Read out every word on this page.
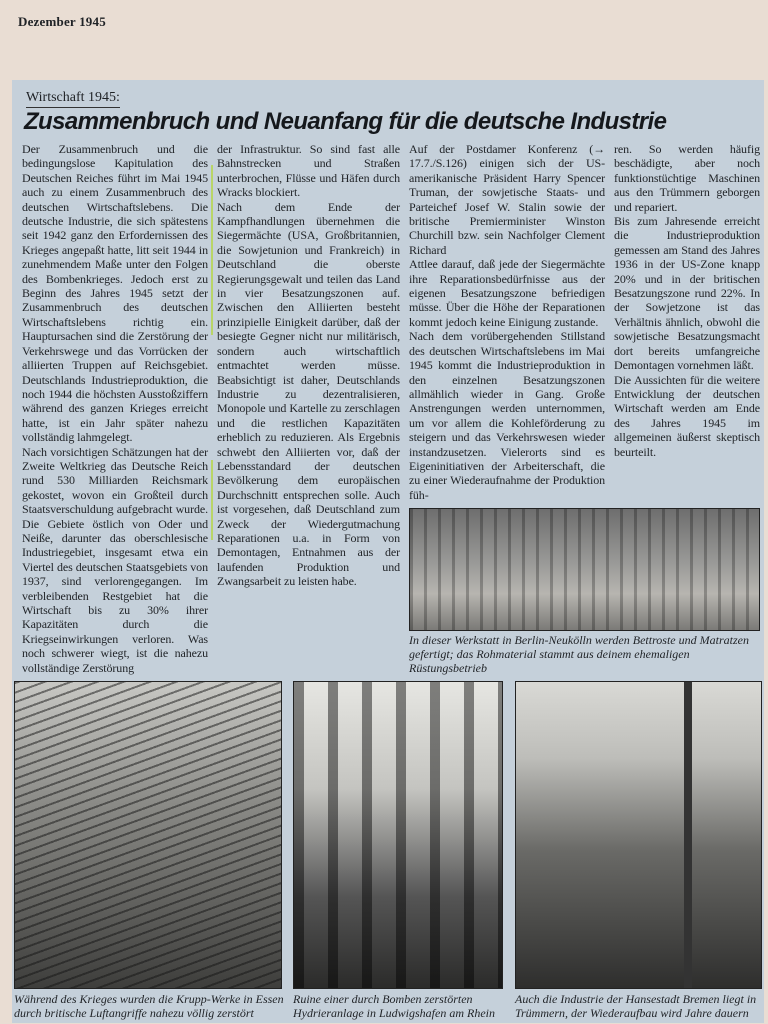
Dezember 1945
Wirtschaft 1945:
Zusammenbruch und Neuanfang für die deutsche Industrie

Der Zusammenbruch und die bedingungslose Kapitulation des Deutschen Reiches führt im Mai 1945 auch zu einem Zusammenbruch des deutschen Wirtschaftslebens. Die deutsche Industrie, die sich spätestens seit 1942 ganz den Erfordernissen des Krieges angepaßt hatte, litt seit 1944 in zunehmendem Maße unter den Folgen des Bombenkrieges. Jedoch erst zu Beginn des Jahres 1945 setzt der Zusammenbruch des deutschen Wirtschaftslebens richtig ein. Hauptursachen sind die Zerstörung der Verkehrswege und das Vorrücken der alliierten Truppen auf Reichsgebiet. Deutschlands Industrieproduktion, die noch 1944 die höchsten Ausstoßziffern während des ganzen Krieges erreicht hatte, ist ein Jahr später nahezu vollständig lahmgelegt.

Nach vorsichtigen Schätzungen hat der Zweite Weltkrieg das Deutsche Reich rund 530 Milliarden Reichsmark gekostet, wovon ein Großteil durch Staatsverschuldung aufgebracht wurde. Die Gebiete östlich von Oder und Neiße, darunter das oberschlesische Industriegebiet, insgesamt etwa ein Viertel des deutschen Staatsgebiets von 1937, sind verlorengegangen. Im verbleibenden Restgebiet hat die Wirtschaft bis zu 30% ihrer Kapazitäten durch die Kriegseinwirkungen verloren. Was noch schwerer wiegt, ist die nahezu vollständige Zerstörung

der Infrastruktur. So sind fast alle Bahnstrecken und Straßen unterbrochen, Flüsse und Häfen durch Wracks blockiert.

Nach dem Ende der Kampfhandlungen übernehmen die Siegermächte (USA, Großbritannien, die Sowjetunion und Frankreich) in Deutschland die oberste Regierungsgewalt und teilen das Land in vier Besatzungszonen auf. Zwischen den Alliierten besteht prinzipielle Einigkeit darüber, daß der besiegte Gegner nicht nur militärisch, sondern auch wirtschaftlich entmachtet werden müsse. Beabsichtigt ist daher, Deutschlands Industrie zu dezentralisieren, Monopole und Kartelle zu zerschlagen und die restlichen Kapazitäten erheblich zu reduzieren. Als Ergebnis schwebt den Alliierten vor, daß der Lebensstandard der deutschen Bevölkerung dem europäischen Durchschnitt entsprechen solle. Auch ist vorgesehen, daß Deutschland zum Zweck der Wiedergutmachung Reparationen u.a. in Form von Demontagen, Entnahmen aus der laufenden Produktion und Zwangsarbeit zu leisten habe.

Auf der Postdamer Konferenz (→ 17.7./S.126) einigen sich der US-amerikanische Präsident Harry Spencer Truman, der sowjetische Staats- und Parteichef Josef W. Stalin sowie der britische Premierminister Winston Churchill bzw. sein Nachfolger Clement Richard

Attlee darauf, daß jede der Siegermächte ihre Reparationsbedürfnisse aus der eigenen Besatzungszone befriedigen müsse. Über die Höhe der Reparationen kommt jedoch keine Einigung zustande.

Nach dem vorübergehenden Stillstand des deutschen Wirtschaftslebens im Mai 1945 kommt die Industrieproduktion in den einzelnen Besatzungszonen allmählich wieder in Gang. Große Anstrengungen werden unternommen, um vor allem die Kohleförderung zu steigern und das Verkehrswesen wieder instandzusetzen. Vielerorts sind es Eigeninitiativen der Arbeiterschaft, die zu einer Wiederaufnahme der Produktion füh-

ren. So werden häufig beschädigte, aber noch funktionstüchtige Maschinen aus den Trümmern geborgen und repariert.

Bis zum Jahresende erreicht die Industrieproduktion gemessen am Stand des Jahres 1936 in der US-Zone knapp 20% und in der britischen Besatzungszone rund 22%. In der Sowjetzone ist das Verhältnis ähnlich, obwohl die sowjetische Besatzungsmacht dort bereits umfangreiche Demontagen vornehmen läßt.

Die Aussichten für die weitere Entwicklung der deutschen Wirtschaft werden am Ende des Jahres 1945 im allgemeinen äußerst skeptisch beurteilt.

In dieser Werkstatt in Berlin-Neukölln werden Bettroste und Matratzen gefertigt; das Rohmaterial stammt aus deinem ehemaligen Rüstungsbetrieb
Während des Krieges wurden die Krupp-Werke in Essen durch britische Luftangriffe nahezu völlig zerstört
Ruine einer durch Bomben zerstörten Hydrieranlage in Ludwigshafen am Rhein
Auch die Industrie der Hansestadt Bremen liegt in Trümmern, der Wiederaufbau wird Jahre dauern
